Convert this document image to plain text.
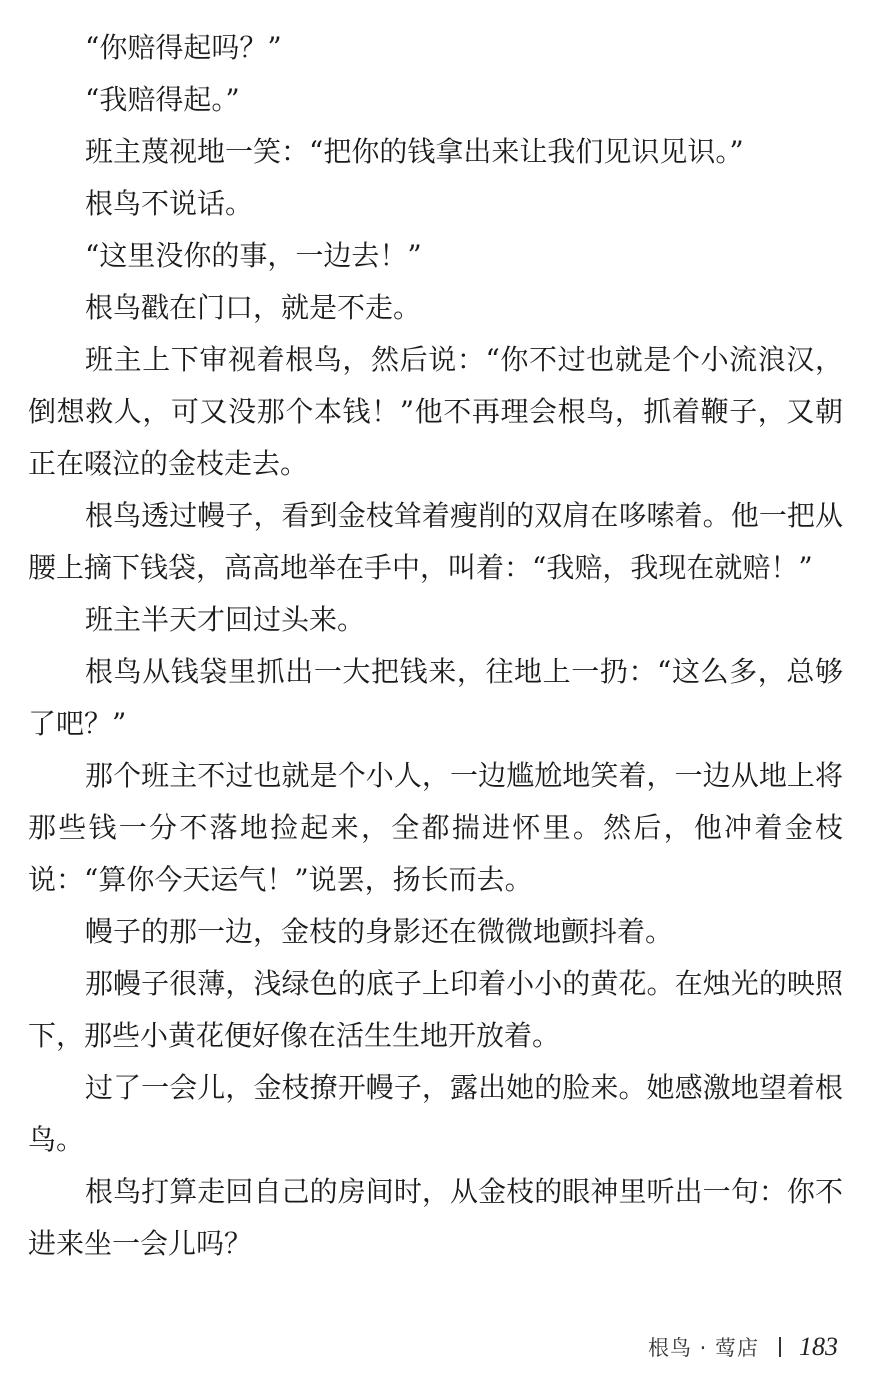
“你赔得起吗？”

“我赔得起。”

班主蔑视地一笑：“把你的钱拿出来让我们见识见识。”

根鸟不说话。

“这里没你的事，一边去！”

根鸟戳在门口，就是不走。

班主上下审视着根鸟，然后说：“你不过也就是个小流浪汉，倒想救人，可又没那个本钱！”他不再理会根鸟，抓着鞭子，又朝正在啜泣的金枝走去。

根鸟透过幔子，看到金枝耸着瘦削的双肩在哆嗦着。他一把从腰上摘下钱袋，高高地举在手中，叫着：“我赔，我现在就赔！”

班主半天才回过头来。

根鸟从钱袋里抓出一大把钱来，往地上一扔：“这么多，总够了吧？”

那个班主不过也就是个小人，一边尴尬地笑着，一边从地上将那些钱一分不落地捡起来，全都揣进怀里。然后，他冲着金枝说：“算你今天运气！”说罢，扬长而去。

幔子的那一边，金枝的身影还在微微地颤抖着。

那幔子很薄，浅绿色的底子上印着小小的黄花。在烛光的映照下，那些小黄花便好像在活生生地开放着。

过了一会儿，金枝撩开幔子，露出她的脸来。她感激地望着根鸟。

根鸟打算走回自己的房间时，从金枝的眼神里听出一句：你不进来坐一会儿吗？

根鸟 · 莺店 183
